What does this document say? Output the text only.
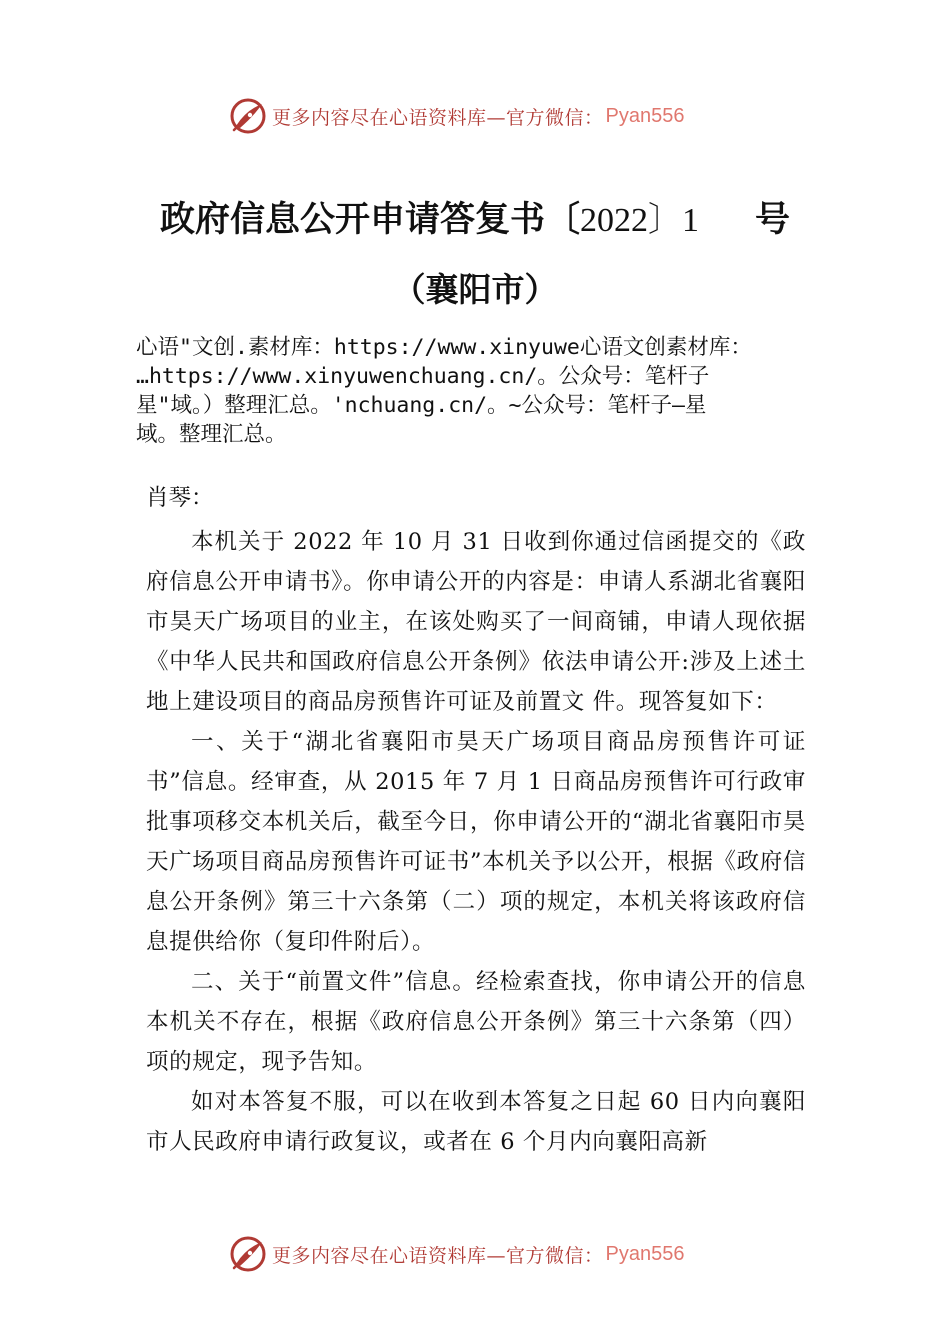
更多内容尽在心语资料库—官方微信： Pyan556
政府信息公开申请答复书〔2022〕1 号
（襄阳市）
心语"文创.素材库：https://www.xinyuwe心语文创素材库：
…https://www.xinyuwenchuang.cn/。公众号：笔杆子
星"域。）整理汇总。'nchuang.cn/。~公众号：笔杆子—星
域。整理汇总。
肖琴：

本机关于 2022 年 10 月 31 日收到你通过信函提交的《政府信息公开申请书》。你申请公开的内容是：申请人系湖北省襄阳市昊天广场项目的业主，在该处购买了一间商铺，申请人现依据《中华人民共和国政府信息公开条例》依法申请公开:涉及上述土地上建设项目的商品房预售许可证及前置文 件。现答复如下：

一、关于“湖北省襄阳市昊天广场项目商品房预售许可证书”信息。经审查，从 2015 年 7 月 1 日商品房预售许可行政审批事项移交本机关后，截至今日，你申请公开的“湖北省襄阳市昊天广场项目商品房预售许可证书”本机关予以公开，根据《政府信息公开条例》第三十六条第（二）项的规定，本机关将该政府信息提供给你（复印件附后）。

二、关于“前置文件”信息。经检索查找，你申请公开的信息本机关不存在，根据《政府信息公开条例》第三十六条第（四）项的规定，现予告知。

如对本答复不服，可以在收到本答复之日起 60 日内向襄阳市人民政府申请行政复议，或者在 6 个月内向襄阳高新

更多内容尽在心语资料库—官方微信： Pyan556
